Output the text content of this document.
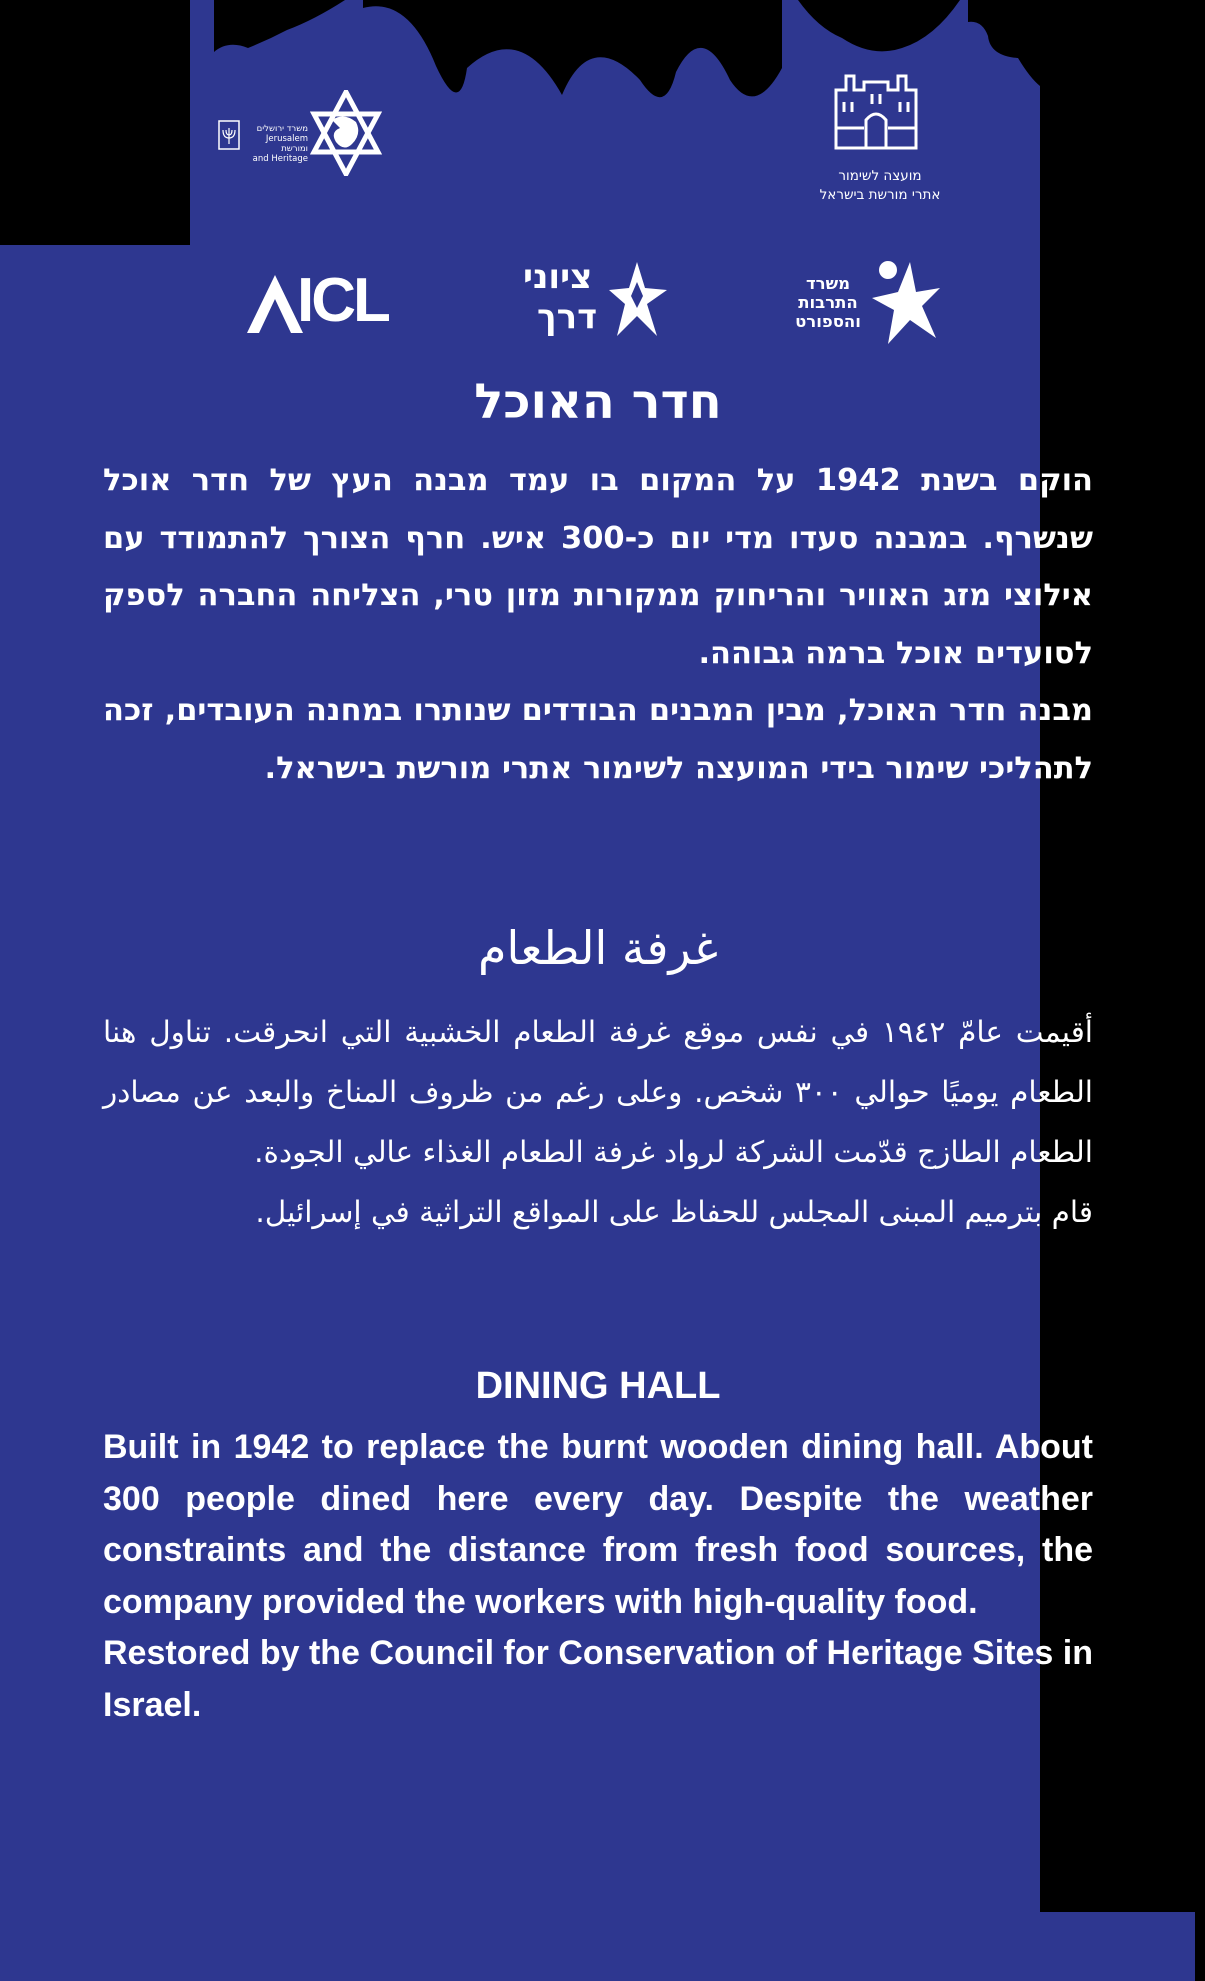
משרד ירושלים
Jerusalem
ומורשת
and Heritage
מועצה לשימור
אתרי מורשת בישראל
ICL	ציוני
דרך
משרד
התרבות
והספורט
חדר האוכל

הוקם בשנת 1942 על המקום בו עמד מבנה העץ של חדר אוכל שנשרף. במבנה סעדו מדי יום כ-300 איש. חרף הצורך להתמודד עם אילוצי מזג האוויר והריחוק ממקורות מזון טרי, הצליחה החברה לספק לסועדים אוכל ברמה גבוהה.

מבנה חדר האוכל, מבין המבנים הבודדים שנותרו במחנה העובדים, זכה לתהליכי שימור בידי המועצה לשימור אתרי מורשת בישראל.

غرفة الطعام

أقيمت عامّ ١٩٤٢ في نفس موقع غرفة الطعام الخشبية التي انحرقت. تناول هنا الطعام يوميًا حوالي ٣٠٠ شخص. وعلى رغم من ظروف المناخ والبعد عن مصادر الطعام الطازج قدّمت الشركة لرواد غرفة الطعام الغذاء عالي الجودة.

قام بترميم المبنى المجلس للحفاظ على المواقع التراثية في إسرائيل.

DINING HALL

Built in 1942 to replace the burnt wooden dining hall. About 300 people dined here every day. Despite the weather constraints and the distance from fresh food sources, the company provided the workers with high-quality food.

Restored by the Council for Conservation of Heritage Sites in Israel.
